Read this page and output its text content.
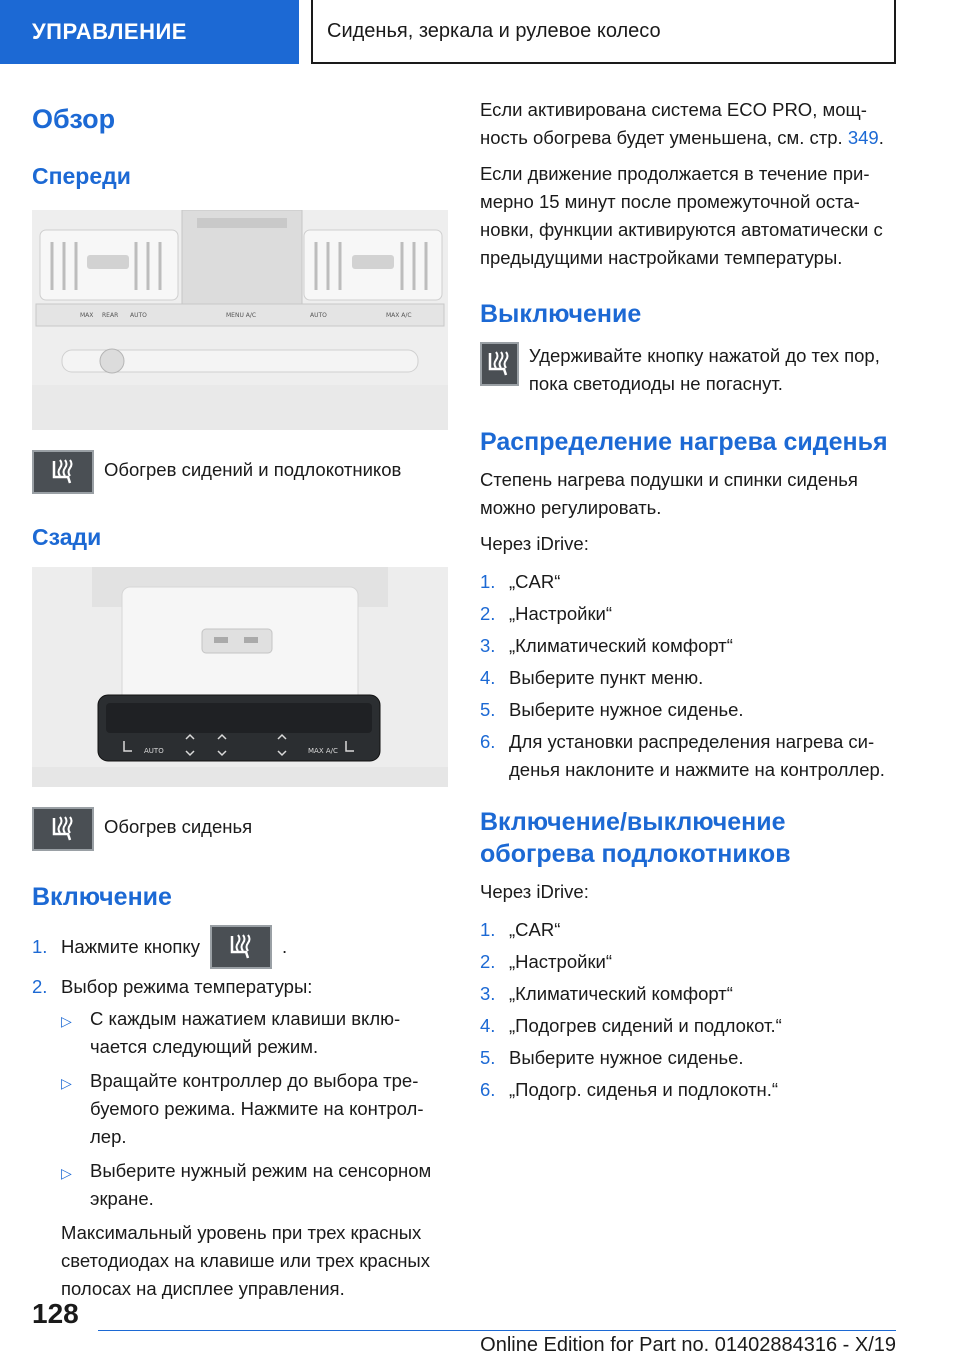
УПРАВЛЕНИЕ	Сиденья, зеркала и рулевое колесо
Обзор
Спереди
MAX REAR AUTO	MENU A/C	AUTO	MAX A/C

Обогрев сидений и подлокотников

Сзади
AUTO	MAX A/C

Обогрев сиденья

Включение
1. Нажмите кнопку	.
2. Выбор режима температуры:
▷ С каждым нажатием клавиши вклю-чается следующий режим.
▷ Вращайте контроллер до выбора тре-буемого режима. Нажмите на контрол-лер.
▷ Выберите нужный режим на сенсорном экране.

Максимальный уровень при трех красных светодиодах на клавише или трех красных полосах на дисплее управления.

Если активирована система ECO PRO, мощ-ность обогрева будет уменьшена, см. стр. 349.

Если движение продолжается в течение при-мерно 15 минут после промежуточной оста-новки, функции активируются автоматически с предыдущими настройками температуры.

Выключение

Удерживайте кнопку нажатой до тех пор, пока светодиоды не погаснут.

Распределение нагрева сиденья

Степень нагрева подушки и спинки сиденья можно регулировать.

Через iDrive:

1. „CAR“
2. „Настройки“
3. „Климатический комфорт“
4. Выберите пункт меню.
5. Выберите нужное сиденье.
6. Для установки распределения нагрева си-денья наклоните и нажмите на контроллер.
Включение/выключение обогрева подлокотников

Через iDrive:

1. „CAR“
2. „Настройки“
3. „Климатический комфорт“
4. „Подогрев сидений и подлокот.“
5. Выберите нужное сиденье.
6. „Подогр. сиденья и подлокотн.“
128
Online Edition for Part no. 01402884316 - X/19
